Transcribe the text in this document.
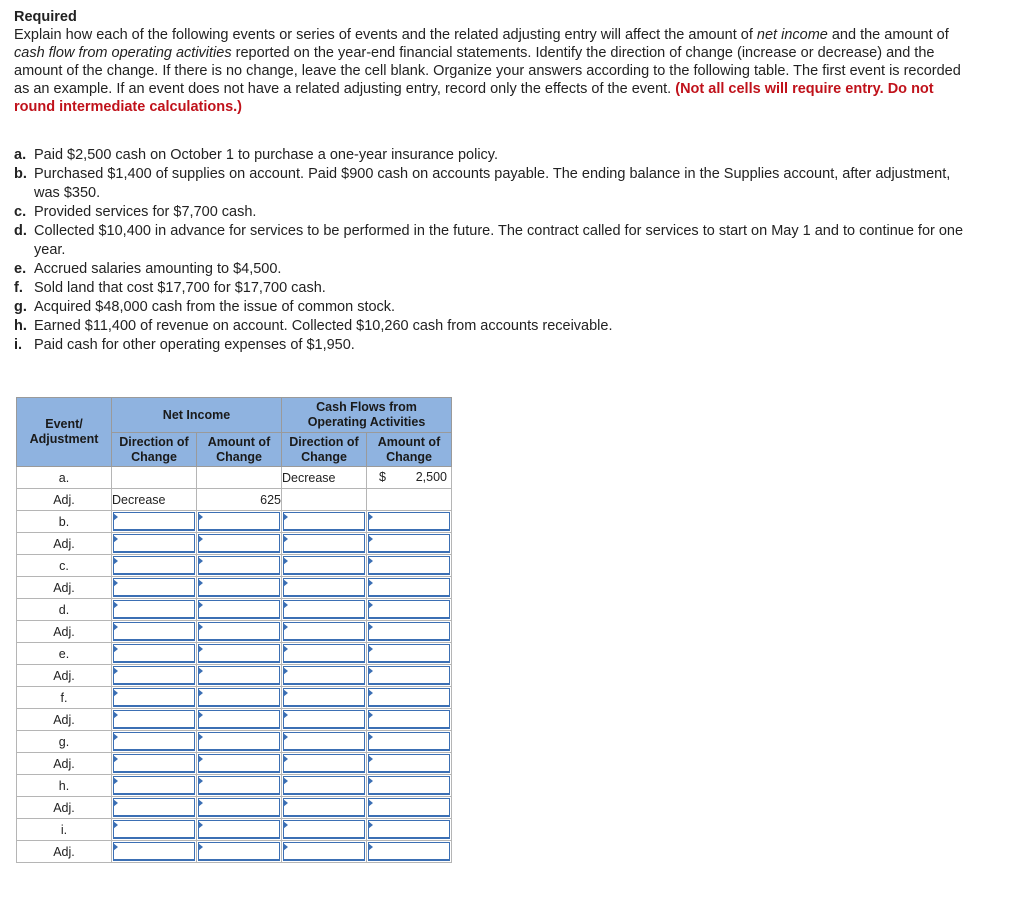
Required

Explain how each of the following events or series of events and the related adjusting entry will affect the amount of net income and the amount of cash flow from operating activities reported on the year-end financial statements. Identify the direction of change (increase or decrease) and the amount of the change. If there is no change, leave the cell blank. Organize your answers according to the following table. The first event is recorded as an example. If an event does not have a related adjusting entry, record only the effects of the event. (Not all cells will require entry. Do not round intermediate calculations.)

a. Paid $2,500 cash on October 1 to purchase a one-year insurance policy.
b. Purchased $1,400 of supplies on account. Paid $900 cash on accounts payable. The ending balance in the Supplies account, after adjustment, was $350.
c. Provided services for $7,700 cash.
d. Collected $10,400 in advance for services to be performed in the future. The contract called for services to start on May 1 and to continue for one year.
e. Accrued salaries amounting to $4,500.
f. Sold land that cost $17,700 for $17,700 cash.
g. Acquired $48,000 cash from the issue of common stock.
h. Earned $11,400 of revenue on account. Collected $10,260 cash from accounts receivable.
i. Paid cash for other operating expenses of $1,950.
Event/ Adjustment	Net Income		Cash Flows from Operating Activities	
	Direction of Change	Amount of Change	Direction of Change	Amount of Change
a.			Decrease	$ 2,500

Adj.	Decrease	625		

b.	

Adj.	

c.	

Adj.	

d.	

Adj.	

e.	

Adj.	

f.	

Adj.	

g.	

Adj.	

h.	

Adj.	

i.	

Adj.	
